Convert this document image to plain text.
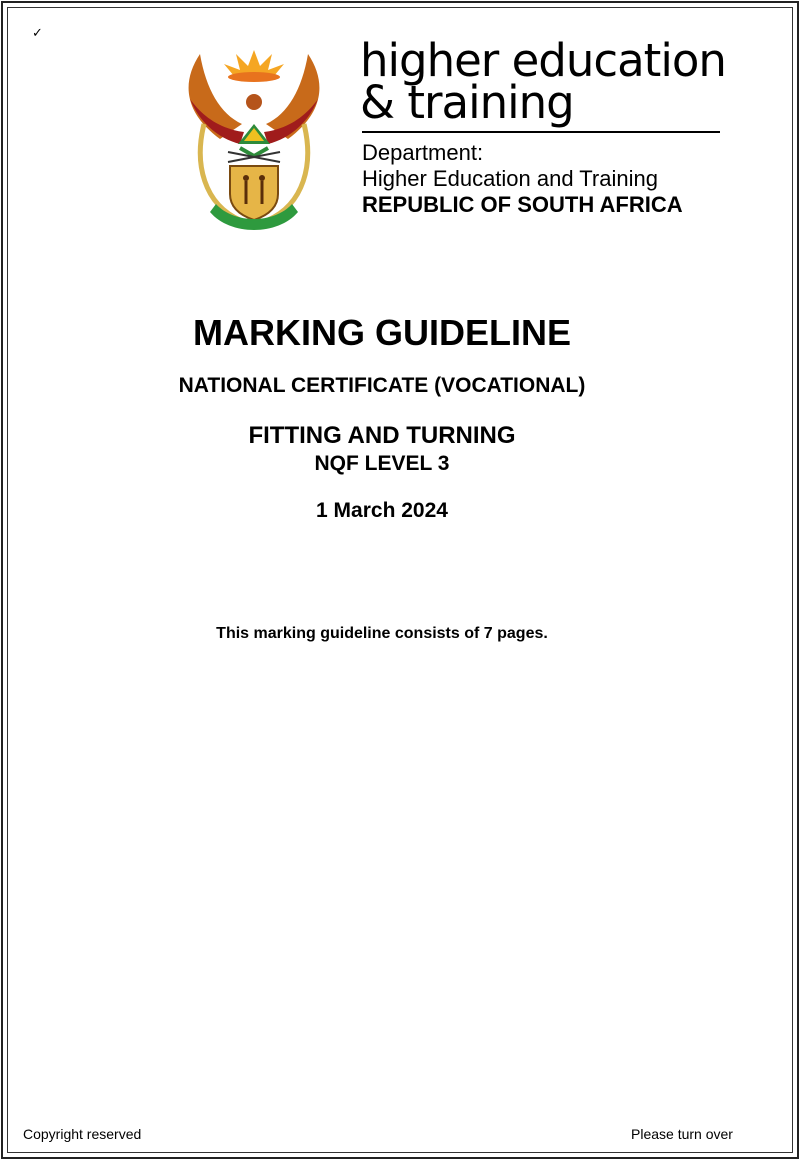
✓
higher education
& training
Department:
Higher Education and Training
REPUBLIC OF SOUTH AFRICA
MARKING GUIDELINE
NATIONAL CERTIFICATE (VOCATIONAL)
FITTING AND TURNING
NQF LEVEL 3
1 March 2024
This marking guideline consists of 7 pages.
Copyright reserved	Please turn over
